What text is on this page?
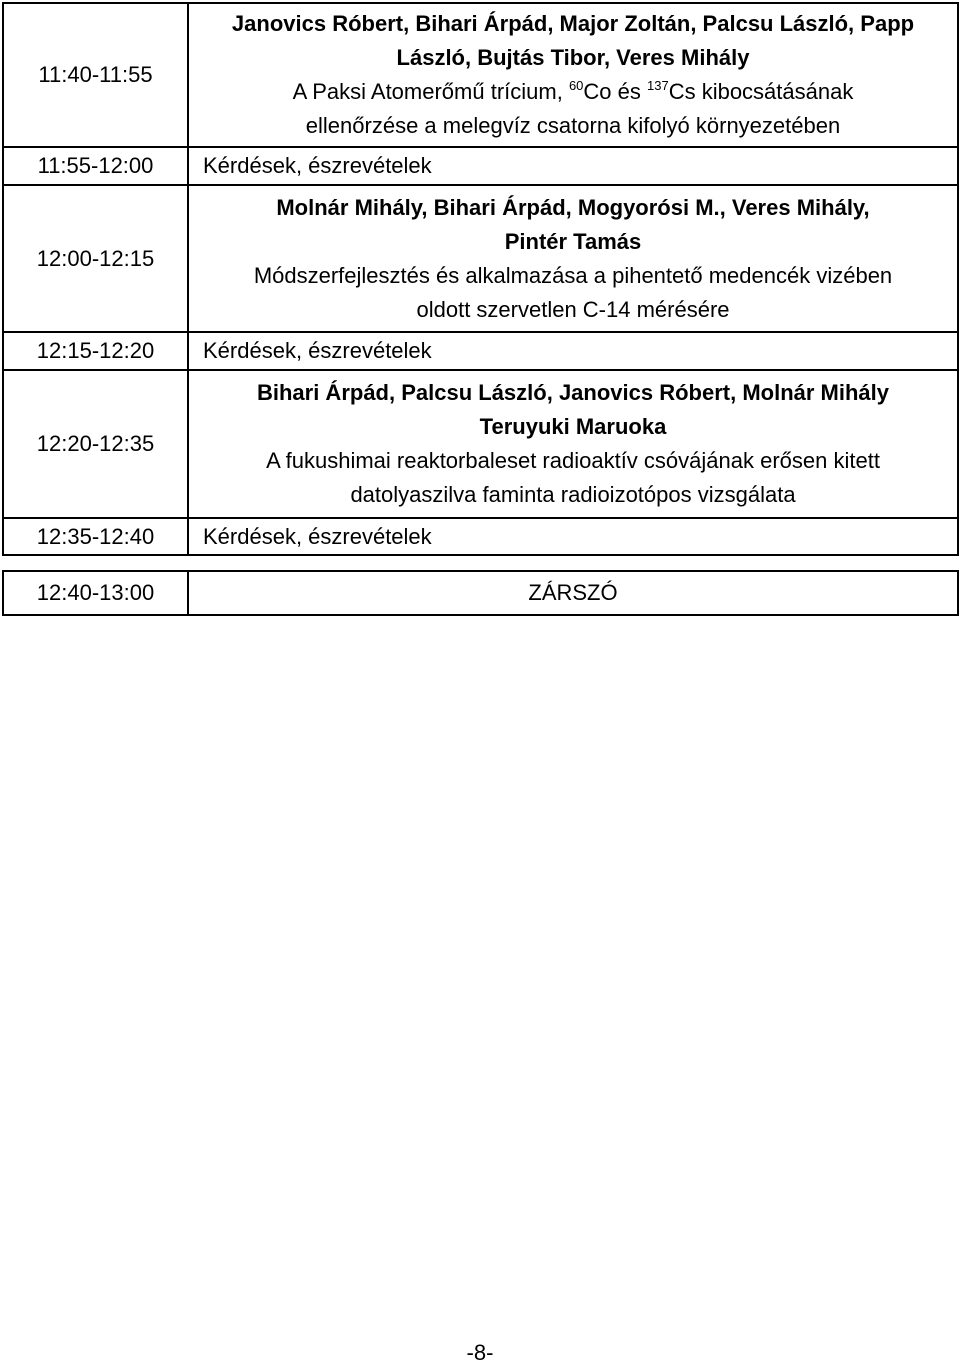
11:40-11:55	Janovics Róbert, Bihari Árpád, Major Zoltán, Palcsu László, Papp
László, Bujtás Tibor, Veres Mihály
A Paksi Atomerőmű trícium, $^{60}$Co és $^{137}$Cs kibocsátásának
ellenőrzése a melegvíz csatorna kifolyó környezetében

11:55-12:00	Kérdések, észrevételek
12:00-12:15	Molnár Mihály, Bihari Árpád, Mogyorósi M., Veres Mihály,
Pintér Tamás
Módszerfejlesztés és alkalmazása a pihentető medencék vizében
oldott szervetlen C-14 mérésére

12:15-12:20	Kérdések, észrevételek
12:20-12:35	Bihari Árpád, Palcsu László, Janovics Róbert, Molnár Mihály
Teruyuki Maruoka
A fukushimai reaktorbaleset radioaktív csóvájának erősen kitett
datolyaszilva faminta radioizotópos vizsgálata

12:35-12:40	Kérdések, észrevételek
12:40-13:00	ZÁRSZÓ
-8-
